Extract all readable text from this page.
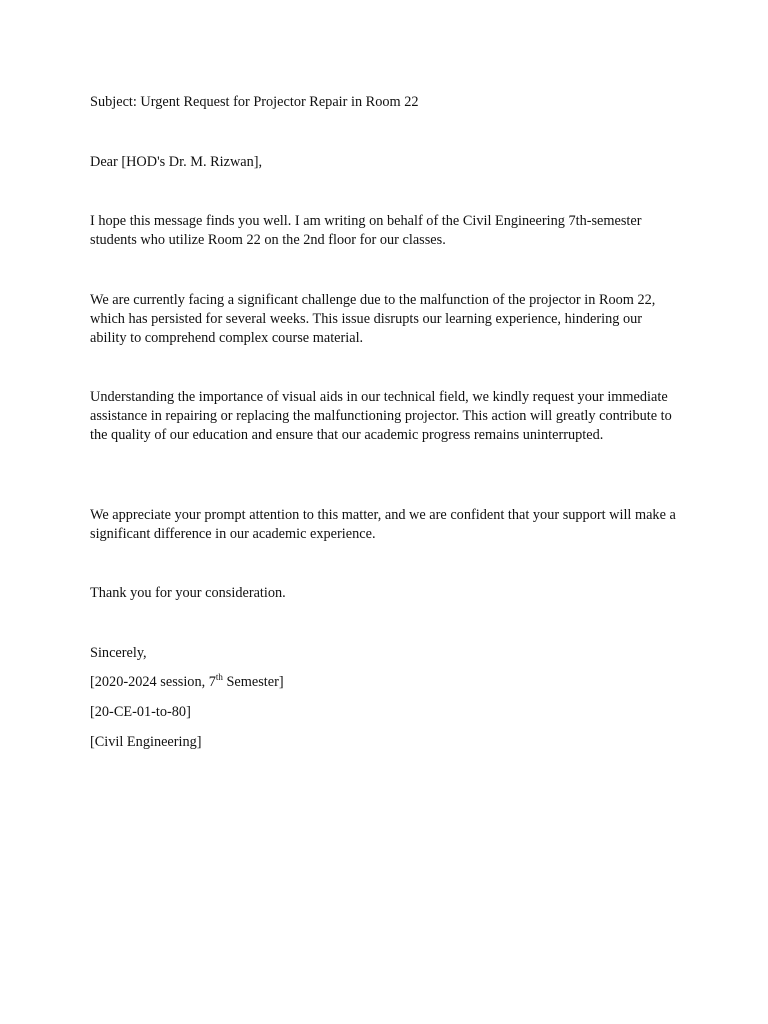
Subject: Urgent Request for Projector Repair in Room 22

Dear [HOD's Dr. M. Rizwan],

I hope this message finds you well. I am writing on behalf of the Civil Engineering 7th-semester students who utilize Room 22 on the 2nd floor for our classes.

We are currently facing a significant challenge due to the malfunction of the projector in Room 22, which has persisted for several weeks. This issue disrupts our learning experience, hindering our ability to comprehend complex course material.

Understanding the importance of visual aids in our technical field, we kindly request your immediate assistance in repairing or replacing the malfunctioning projector. This action will greatly contribute to the quality of our education and ensure that our academic progress remains uninterrupted.

We appreciate your prompt attention to this matter, and we are confident that your support will make a significant difference in our academic experience.

Thank you for your consideration.

Sincerely,

[2020-2024 session, 7th Semester]

[20-CE-01-to-80]

[Civil Engineering]
